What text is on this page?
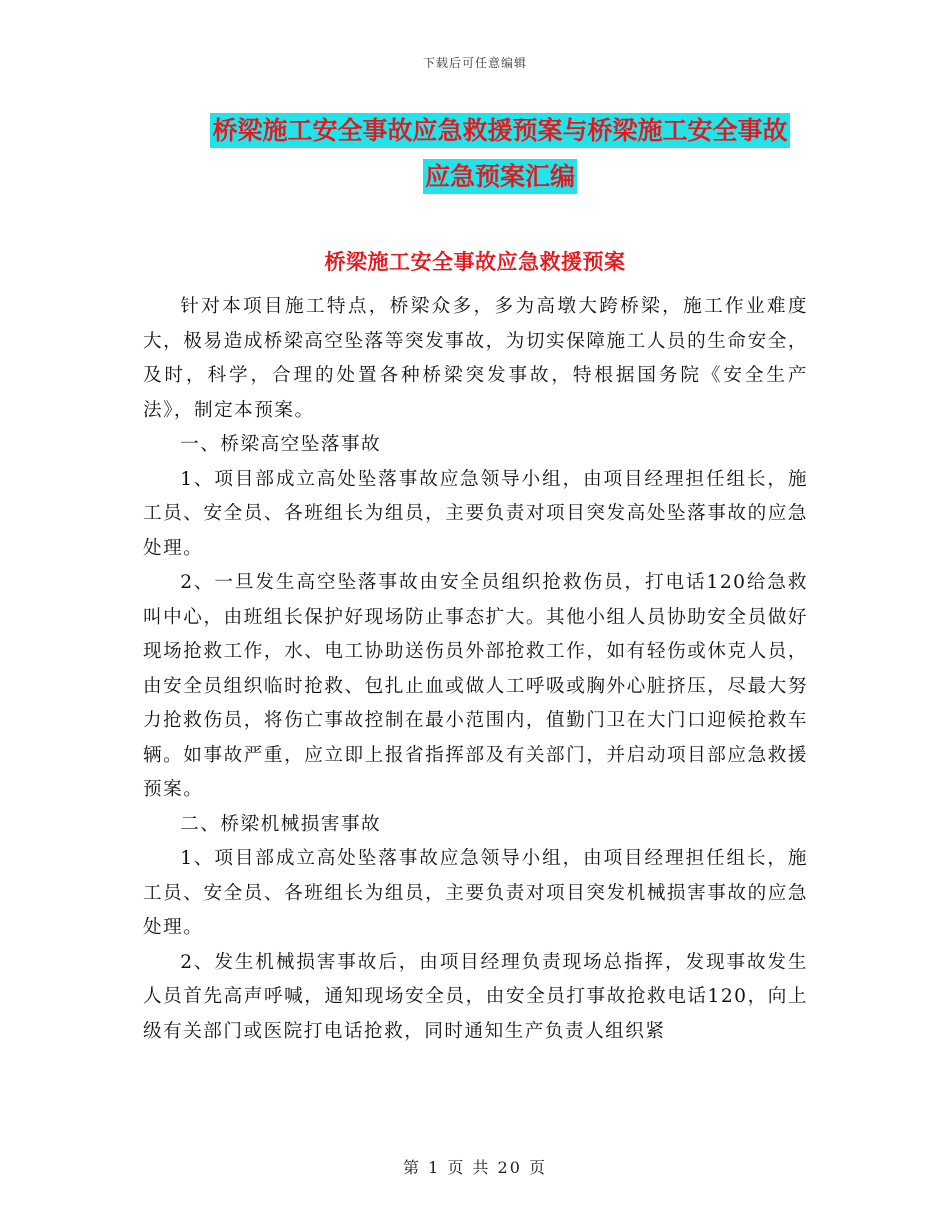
下载后可任意编辑
桥梁施工安全事故应急救援预案与桥梁施工安全事故
应急预案汇编
桥梁施工安全事故应急救援预案

针对本项目施工特点，桥梁众多，多为高墩大跨桥梁，施工作业难度大，极易造成桥梁高空坠落等突发事故，为切实保障施工人员的生命安全，及时，科学，合理的处置各种桥梁突发事故，特根据国务院《安全生产法》，制定本预案。

一、桥梁高空坠落事故

1、项目部成立高处坠落事故应急领导小组，由项目经理担任组长，施工员、安全员、各班组长为组员，主要负责对项目突发高处坠落事故的应急处理。

2、一旦发生高空坠落事故由安全员组织抢救伤员，打电话120给急救叫中心，由班组长保护好现场防止事态扩大。其他小组人员协助安全员做好现场抢救工作，水、电工协助送伤员外部抢救工作，如有轻伤或休克人员，由安全员组织临时抢救、包扎止血或做人工呼吸或胸外心脏挤压，尽最大努力抢救伤员，将伤亡事故控制在最小范围内，值勤门卫在大门口迎候抢救车辆。如事故严重，应立即上报省指挥部及有关部门，并启动项目部应急救援预案。

二、桥梁机械损害事故

1、项目部成立高处坠落事故应急领导小组，由项目经理担任组长，施工员、安全员、各班组长为组员，主要负责对项目突发机械损害事故的应急处理。

2、发生机械损害事故后，由项目经理负责现场总指挥，发现事故发生人员首先高声呼喊，通知现场安全员，由安全员打事故抢救电话120，向上级有关部门或医院打电话抢救，同时通知生产负责人组织紧

第 1 页 共 20 页
